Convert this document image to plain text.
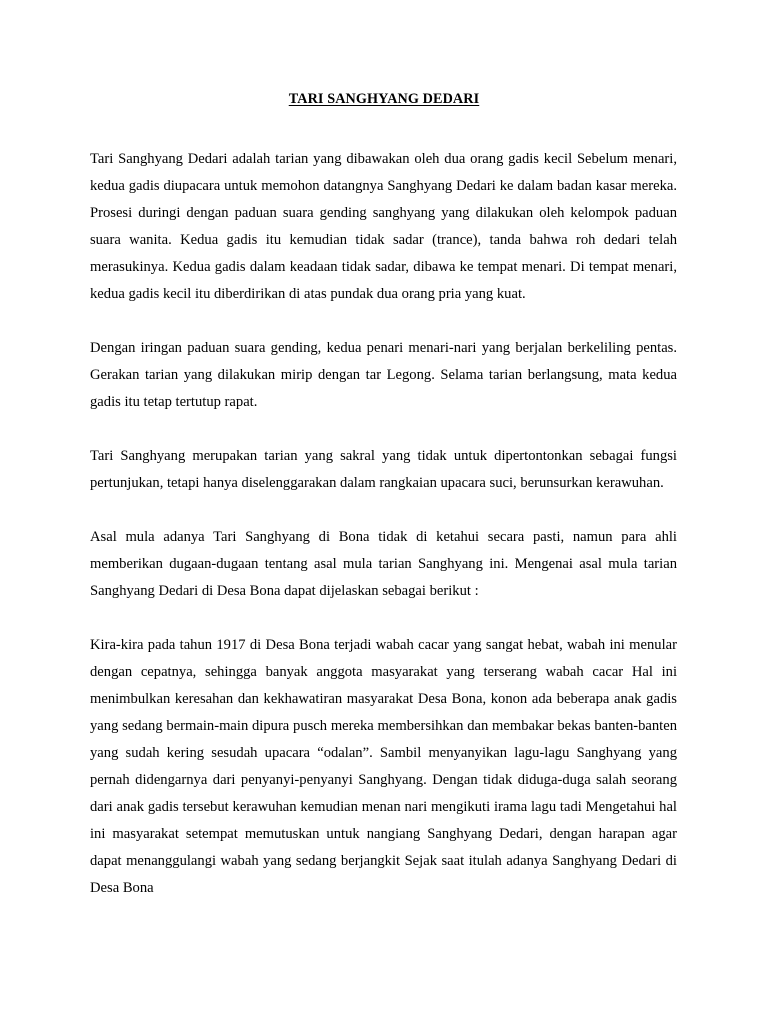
TARI SANGHYANG DEDARI

Tari Sanghyang Dedari adalah tarian yang dibawakan oleh dua orang gadis kecil Sebelum menari, kedua gadis diupacara untuk memohon datangnya Sanghyang Dedari ke dalam badan kasar mereka. Prosesi duringi dengan paduan suara gending sanghyang yang dilakukan oleh kelompok paduan suara wanita. Kedua gadis itu kemudian tidak sadar (trance), tanda bahwa roh dedari telah merasukinya. Kedua gadis dalam keadaan tidak sadar, dibawa ke tempat menari. Di tempat menari, kedua gadis kecil itu diberdirikan di atas pundak dua orang pria yang kuat.

Dengan iringan paduan suara gending, kedua penari menari-nari yang berjalan berkeliling pentas. Gerakan tarian yang dilakukan mirip dengan tar Legong. Selama tarian berlangsung, mata kedua gadis itu tetap tertutup rapat.

Tari Sanghyang merupakan tarian yang sakral yang tidak untuk dipertontonkan sebagai fungsi pertunjukan, tetapi hanya diselenggarakan dalam rangkaian upacara suci, berunsurkan kerawuhan.

Asal mula adanya Tari Sanghyang di Bona tidak di ketahui secara pasti, namun para ahli memberikan dugaan-dugaan tentang asal mula tarian Sanghyang ini. Mengenai asal mula tarian Sanghyang Dedari di Desa Bona dapat dijelaskan sebagai berikut :

Kira-kira pada tahun 1917 di Desa Bona terjadi wabah cacar yang sangat hebat, wabah ini menular dengan cepatnya, sehingga banyak anggota masyarakat yang terserang wabah cacar Hal ini menimbulkan keresahan dan kekhawatiran masyarakat Desa Bona, konon ada beberapa anak gadis yang sedang bermain-main dipura pusch mereka membersihkan dan membakar bekas banten-banten yang sudah kering sesudah upacara “odalan”. Sambil menyanyikan lagu-lagu Sanghyang yang pernah didengarnya dari penyanyi-penyanyi Sanghyang. Dengan tidak diduga-duga salah seorang dari anak gadis tersebut kerawuhan kemudian menan nari mengikuti irama lagu tadi Mengetahui hal ini masyarakat setempat memutuskan untuk nangiang Sanghyang Dedari, dengan harapan agar dapat menanggulangi wabah yang sedang berjangkit Sejak saat itulah adanya Sanghyang Dedari di Desa Bona
